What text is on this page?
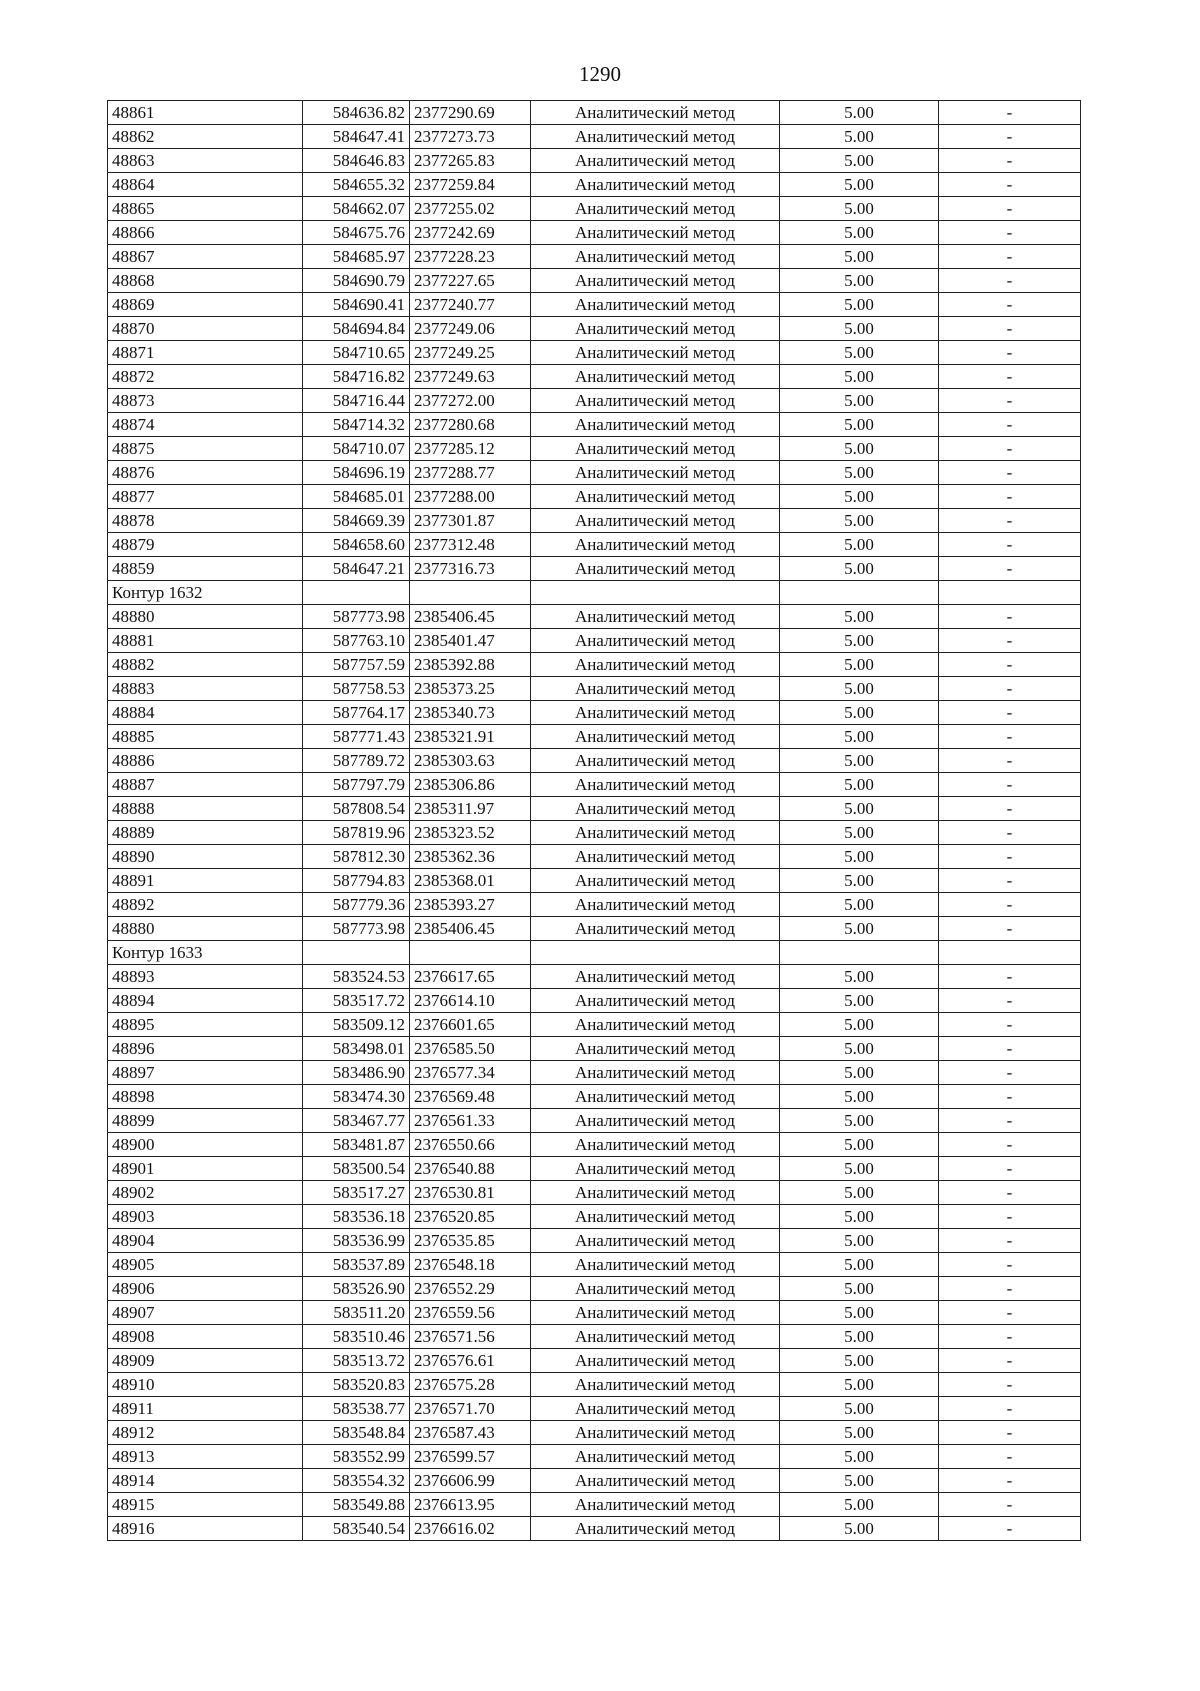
1290
48861	584636.82	2377290.69	Аналитический метод	5.00	-
48862	584647.41	2377273.73	Аналитический метод	5.00	-
48863	584646.83	2377265.83	Аналитический метод	5.00	-
48864	584655.32	2377259.84	Аналитический метод	5.00	-
48865	584662.07	2377255.02	Аналитический метод	5.00	-
48866	584675.76	2377242.69	Аналитический метод	5.00	-
48867	584685.97	2377228.23	Аналитический метод	5.00	-
48868	584690.79	2377227.65	Аналитический метод	5.00	-
48869	584690.41	2377240.77	Аналитический метод	5.00	-
48870	584694.84	2377249.06	Аналитический метод	5.00	-
48871	584710.65	2377249.25	Аналитический метод	5.00	-
48872	584716.82	2377249.63	Аналитический метод	5.00	-
48873	584716.44	2377272.00	Аналитический метод	5.00	-
48874	584714.32	2377280.68	Аналитический метод	5.00	-
48875	584710.07	2377285.12	Аналитический метод	5.00	-
48876	584696.19	2377288.77	Аналитический метод	5.00	-
48877	584685.01	2377288.00	Аналитический метод	5.00	-
48878	584669.39	2377301.87	Аналитический метод	5.00	-
48879	584658.60	2377312.48	Аналитический метод	5.00	-
48859	584647.21	2377316.73	Аналитический метод	5.00	-
Контур 1632					
48880	587773.98	2385406.45	Аналитический метод	5.00	-
48881	587763.10	2385401.47	Аналитический метод	5.00	-
48882	587757.59	2385392.88	Аналитический метод	5.00	-
48883	587758.53	2385373.25	Аналитический метод	5.00	-
48884	587764.17	2385340.73	Аналитический метод	5.00	-
48885	587771.43	2385321.91	Аналитический метод	5.00	-
48886	587789.72	2385303.63	Аналитический метод	5.00	-
48887	587797.79	2385306.86	Аналитический метод	5.00	-
48888	587808.54	2385311.97	Аналитический метод	5.00	-
48889	587819.96	2385323.52	Аналитический метод	5.00	-
48890	587812.30	2385362.36	Аналитический метод	5.00	-
48891	587794.83	2385368.01	Аналитический метод	5.00	-
48892	587779.36	2385393.27	Аналитический метод	5.00	-
48880	587773.98	2385406.45	Аналитический метод	5.00	-
Контур 1633					
48893	583524.53	2376617.65	Аналитический метод	5.00	-
48894	583517.72	2376614.10	Аналитический метод	5.00	-
48895	583509.12	2376601.65	Аналитический метод	5.00	-
48896	583498.01	2376585.50	Аналитический метод	5.00	-
48897	583486.90	2376577.34	Аналитический метод	5.00	-
48898	583474.30	2376569.48	Аналитический метод	5.00	-
48899	583467.77	2376561.33	Аналитический метод	5.00	-
48900	583481.87	2376550.66	Аналитический метод	5.00	-
48901	583500.54	2376540.88	Аналитический метод	5.00	-
48902	583517.27	2376530.81	Аналитический метод	5.00	-
48903	583536.18	2376520.85	Аналитический метод	5.00	-
48904	583536.99	2376535.85	Аналитический метод	5.00	-
48905	583537.89	2376548.18	Аналитический метод	5.00	-
48906	583526.90	2376552.29	Аналитический метод	5.00	-
48907	583511.20	2376559.56	Аналитический метод	5.00	-
48908	583510.46	2376571.56	Аналитический метод	5.00	-
48909	583513.72	2376576.61	Аналитический метод	5.00	-
48910	583520.83	2376575.28	Аналитический метод	5.00	-
48911	583538.77	2376571.70	Аналитический метод	5.00	-
48912	583548.84	2376587.43	Аналитический метод	5.00	-
48913	583552.99	2376599.57	Аналитический метод	5.00	-
48914	583554.32	2376606.99	Аналитический метод	5.00	-
48915	583549.88	2376613.95	Аналитический метод	5.00	-
48916	583540.54	2376616.02	Аналитический метод	5.00	-
